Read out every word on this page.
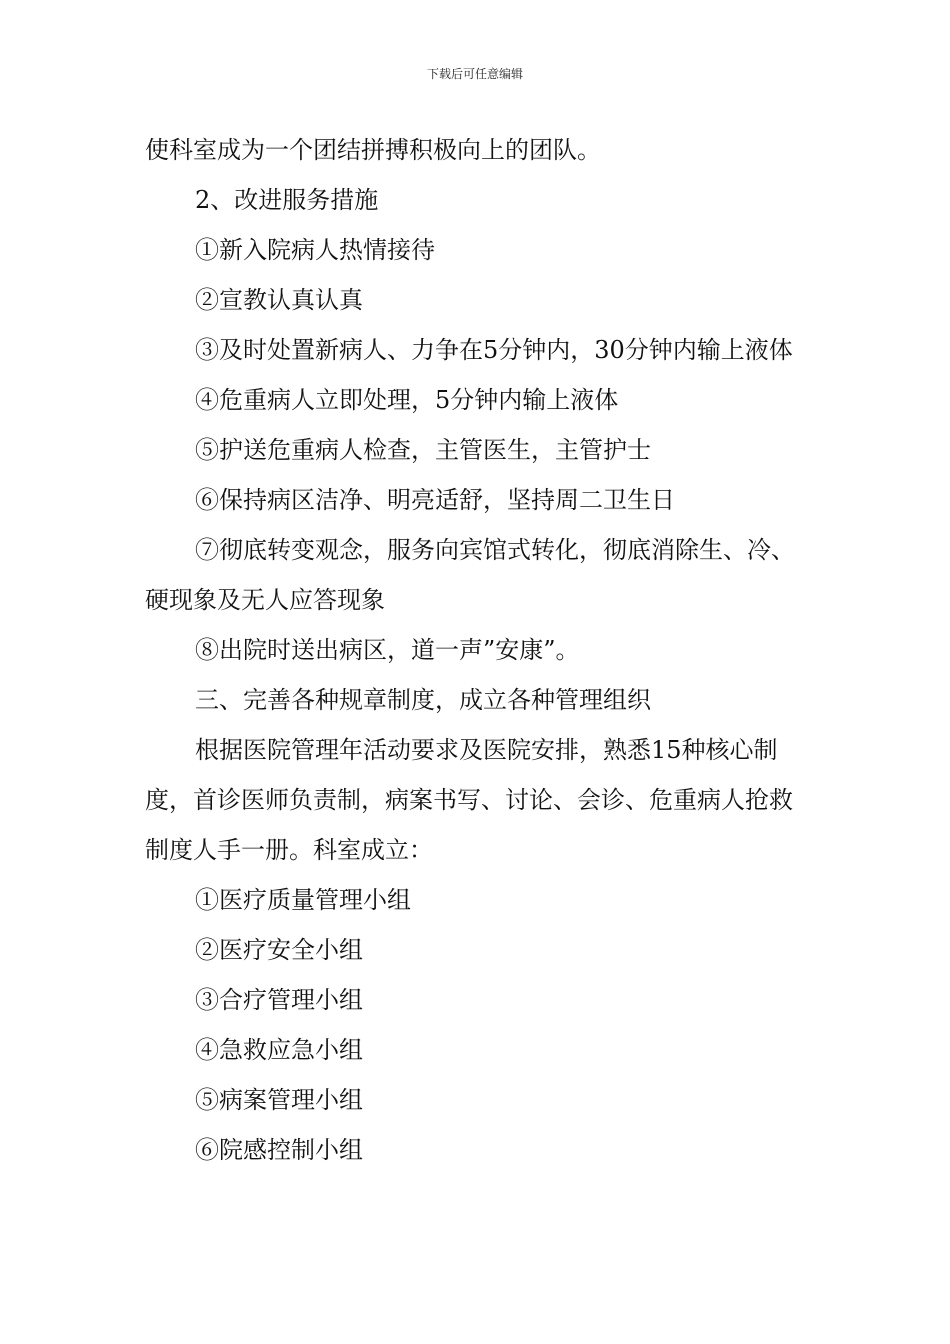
下载后可任意编辑

使科室成为一个团结拼搏积极向上的团队。

2、改进服务措施

①新入院病人热情接待

②宣教认真认真

③及时处置新病人、力争在5分钟内，30分钟内输上液体

④危重病人立即处理，5分钟内输上液体

⑤护送危重病人检查，主管医生，主管护士

⑥保持病区洁净、明亮适舒，坚持周二卫生日

⑦彻底转变观念，服务向宾馆式转化，彻底消除生、冷、硬现象及无人应答现象

⑧出院时送出病区，道一声”安康”。

三、完善各种规章制度，成立各种管理组织

根据医院管理年活动要求及医院安排，熟悉15种核心制度，首诊医师负责制，病案书写、讨论、会诊、危重病人抢救制度人手一册。科室成立：

①医疗质量管理小组

②医疗安全小组

③合疗管理小组

④急救应急小组

⑤病案管理小组

⑥院感控制小组
